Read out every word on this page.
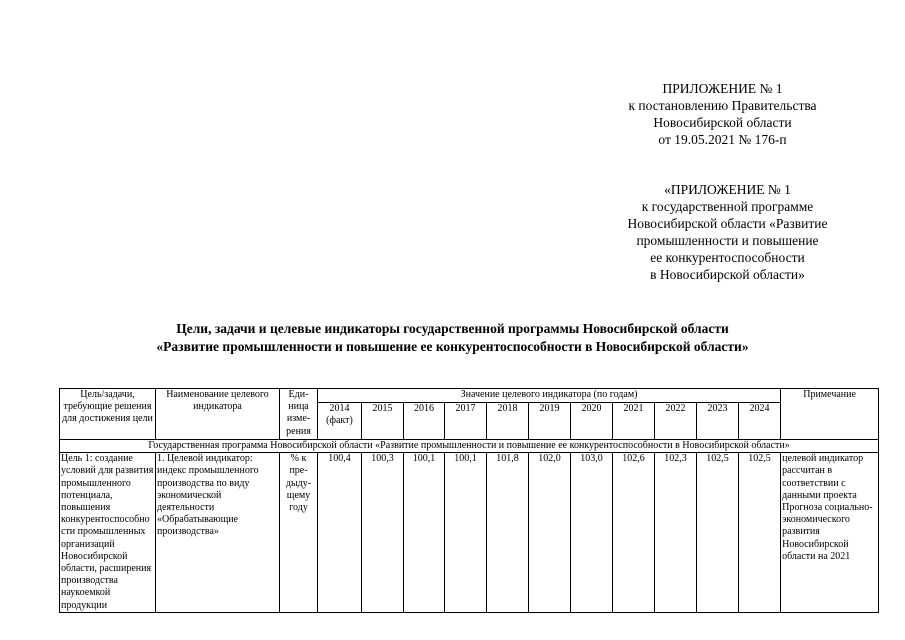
ПРИЛОЖЕНИЕ № 1
к постановлению Правительства
Новосибирской области
от 19.05.2021 № 176-п
«ПРИЛОЖЕНИЕ № 1
к государственной программе
Новосибирской области «Развитие
промышленности и повышение
ее конкурентоспособности
в Новосибирской области»
Цели, задачи и целевые индикаторы государственной программы Новосибирской области
«Развитие промышленности и повышение ее конкурентоспособности в Новосибирской области»
Цель/задачи, требующие решения для достижения цели	Наименование целевого индикатора	Еди-ница изме-рения	Значение целевого индикатора (по годам)											Примечание
			2014 (факт)	2015	2016	2017	2018	2019	2020	2021	2022	2023	2024	
Государственная программа Новосибирской области «Развитие промышленности и повышение ее конкурентоспособности в Новосибирской области»														
Цель 1: создание условий для развития промышленного потенциала, повышения конкурентоспособности промышленных организаций Новосибирской области, расширения производства наукоемкой продукции	1. Целевой индикатор: индекс промышленного производства по виду экономической деятельности «Обрабатывающие производства»	% к пре-дыду-щему году	100,4	100,3	100,1	100,1	101,8	102,0	103,0	102,6	102,3	102,5	102,5	целевой индикатор рассчитан в соответствии с данными проекта Прогноза социально-экономического развития Новосибирской области на 2021
